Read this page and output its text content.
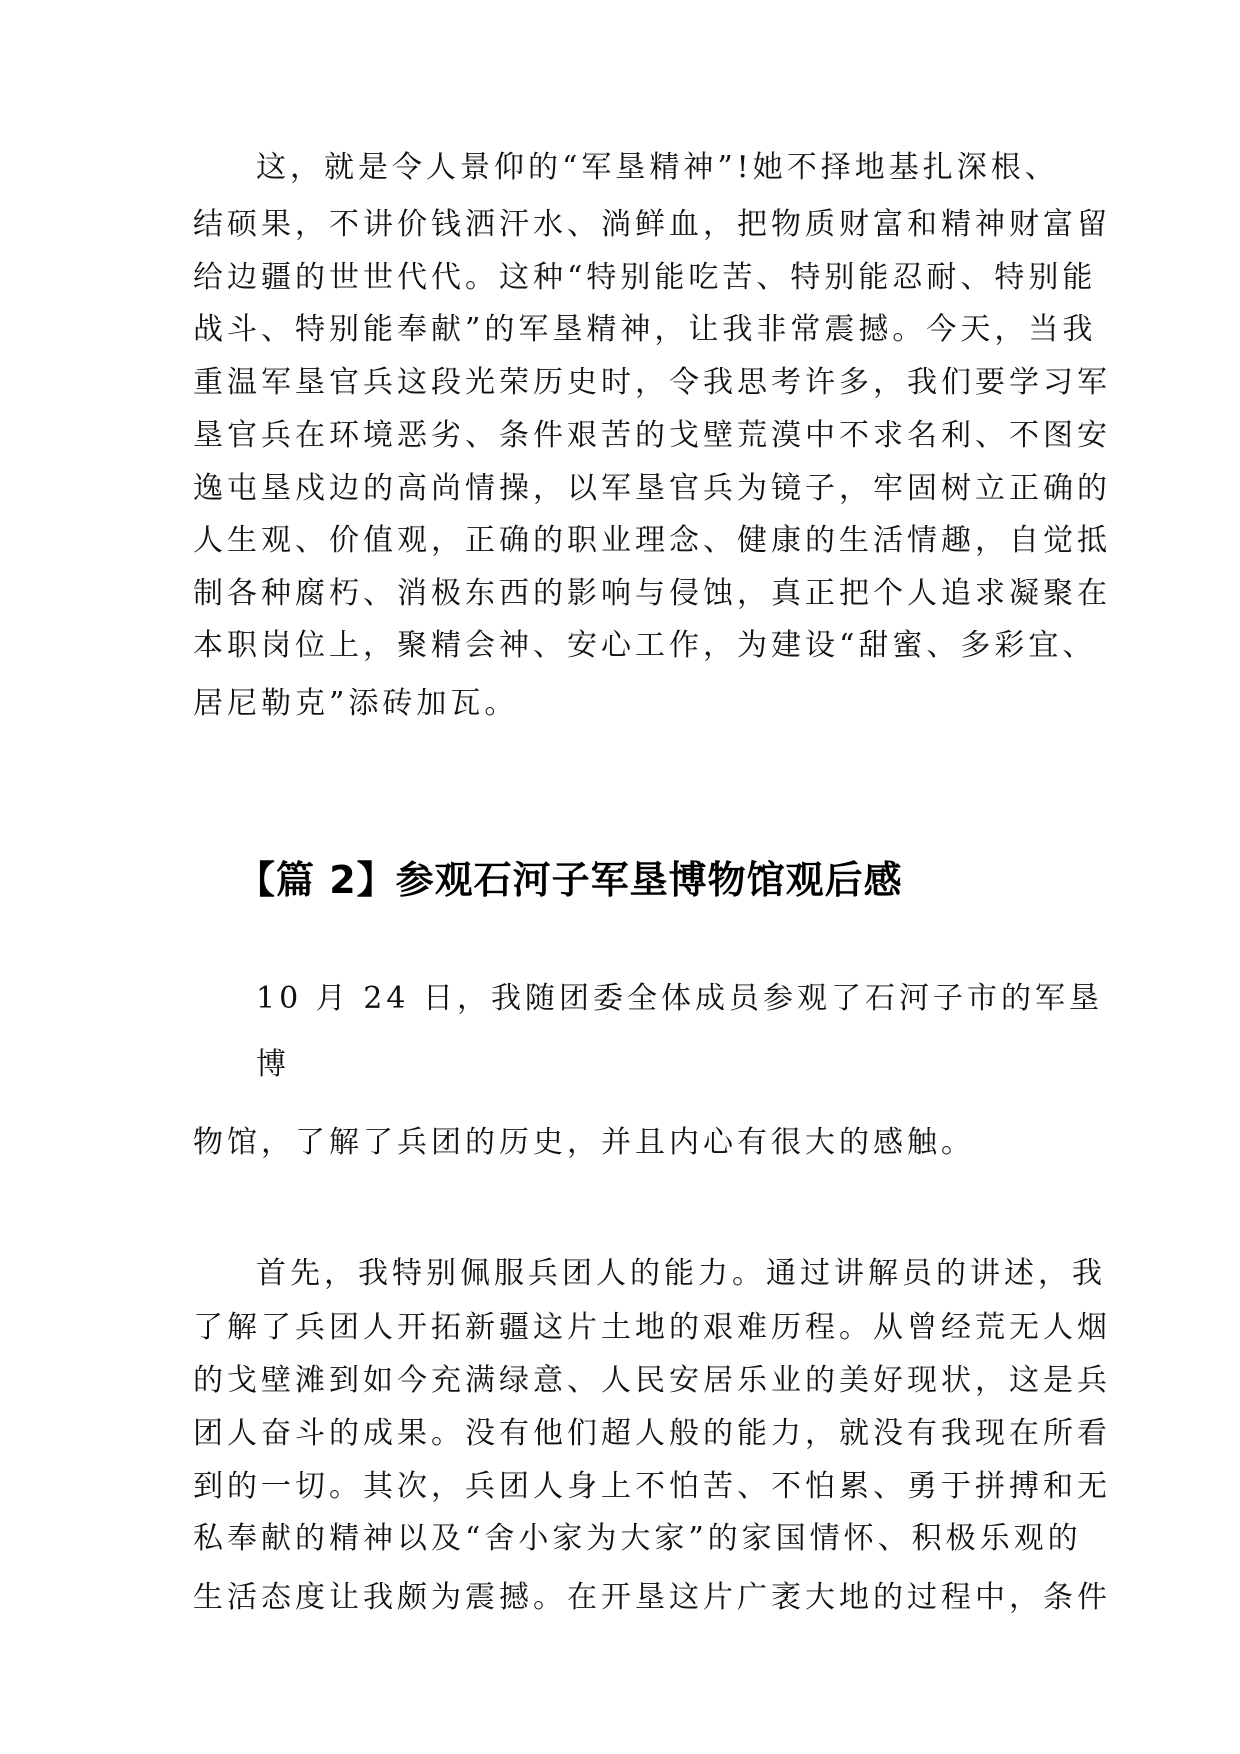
这，就是令人景仰的“军垦精神”!她不择地基扎深根、
结硕果，不讲价钱洒汗水、淌鲜血，把物质财富和精神财富留
给边疆的世世代代。这种“特别能吃苦、特别能忍耐、特别能
战斗、特别能奉献”的军垦精神，让我非常震撼。今天，当我
重温军垦官兵这段光荣历史时，令我思考许多，我们要学习军
垦官兵在环境恶劣、条件艰苦的戈壁荒漠中不求名利、不图安
逸屯垦戍边的高尚情操，以军垦官兵为镜子，牢固树立正确的
人生观、价值观，正确的职业理念、健康的生活情趣，自觉抵
制各种腐朽、消极东西的影响与侵蚀，真正把个人追求凝聚在
本职岗位上，聚精会神、安心工作，为建设“甜蜜、多彩宜、
居尼勒克”添砖加瓦。
【篇 2】参观石河子军垦博物馆观后感
10 月 24 日，我随团委全体成员参观了石河子市的军垦
博
物馆，了解了兵团的历史，并且内心有很大的感触。
首先，我特别佩服兵团人的能力。通过讲解员的讲述，我
了解了兵团人开拓新疆这片土地的艰难历程。从曾经荒无人烟
的戈壁滩到如今充满绿意、人民安居乐业的美好现状，这是兵
团人奋斗的成果。没有他们超人般的能力，就没有我现在所看
到的一切。其次，兵团人身上不怕苦、不怕累、勇于拼搏和无
私奉献的精神以及“舍小家为大家”的家国情怀、积极乐观的
生活态度让我颇为震撼。在开垦这片广袤大地的过程中，条件
